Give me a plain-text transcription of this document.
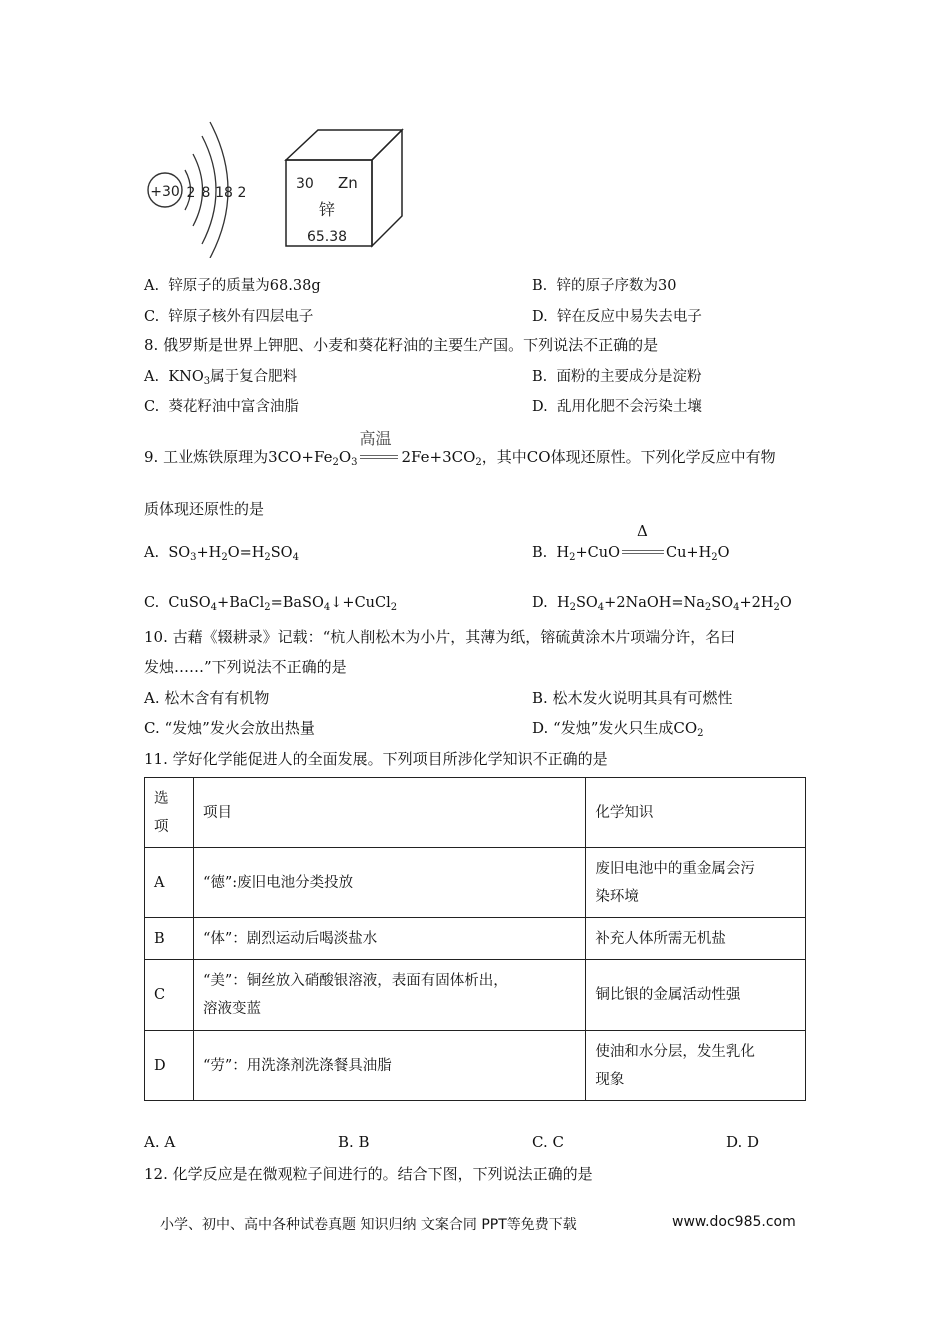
+30 2 8 18 2
30 Zn
锌
65.38
A. 锌原子的质量为68.38g	B. 锌的原子序数为30
C. 锌原子核外有四层电子	D. 锌在反应中易失去电子
8. 俄罗斯是世界上钾肥、小麦和葵花籽油的主要生产国。下列说法不正确的是
A. $KNO_3$属于复合肥料	B. 面粉的主要成分是淀粉
C. 葵花籽油中富含油脂	D. 乱用化肥不会污染土壤
9. 工业炼铁原理为$3CO+Fe_2O_3$
高温
$2Fe+3CO_2$，其中CO体现还原性。下列化学反应中有物
质体现还原性的是
A. $SO_3+H_2O=H_2SO_4$	B. $H_2+CuO$
Δ
$Cu+H_2O$
C. CuSO$_4$+BaCl$_2$=BaSO$_4$↓+CuCl$_2$	D. $H_2SO_4+2NaOH=Na_2SO_4+2H_2O$
10. 古藉《辍耕录》记载：“杭人削松木为小片，其薄为纸，镕硫黄涂木片项端分许，名曰
发烛……”下列说法不正确的是
A. 松木含有有机物	B. 松木发火说明其具有可燃性
C. “发烛”发火会放出热量	D. “发烛”发火只生成$CO_2$
11. 学好化学能促进人的全面发展。下列项目所涉化学知识不正确的是
选
项	项目	化学知识
A	“德”:废旧电池分类投放	废旧电池中的重金属会污
染环境

B	“体”：剧烈运动后喝淡盐水	补充人体所需无机盐
C	“美”：铜丝放入硝酸银溶液，表面有固体析出，
溶液变蓝	铜比银的金属活动性强
D	“劳”：用洗涤剂洗涤餐具油脂	使油和水分层，发生乳化
现象
A. A	B. B	C. C	D. D
12. 化学反应是在微观粒子间进行的。结合下图，下列说法正确的是
小学、初中、高中各种试卷真题 知识归纳 文案合同 PPT等免费下载	www.doc985.com
